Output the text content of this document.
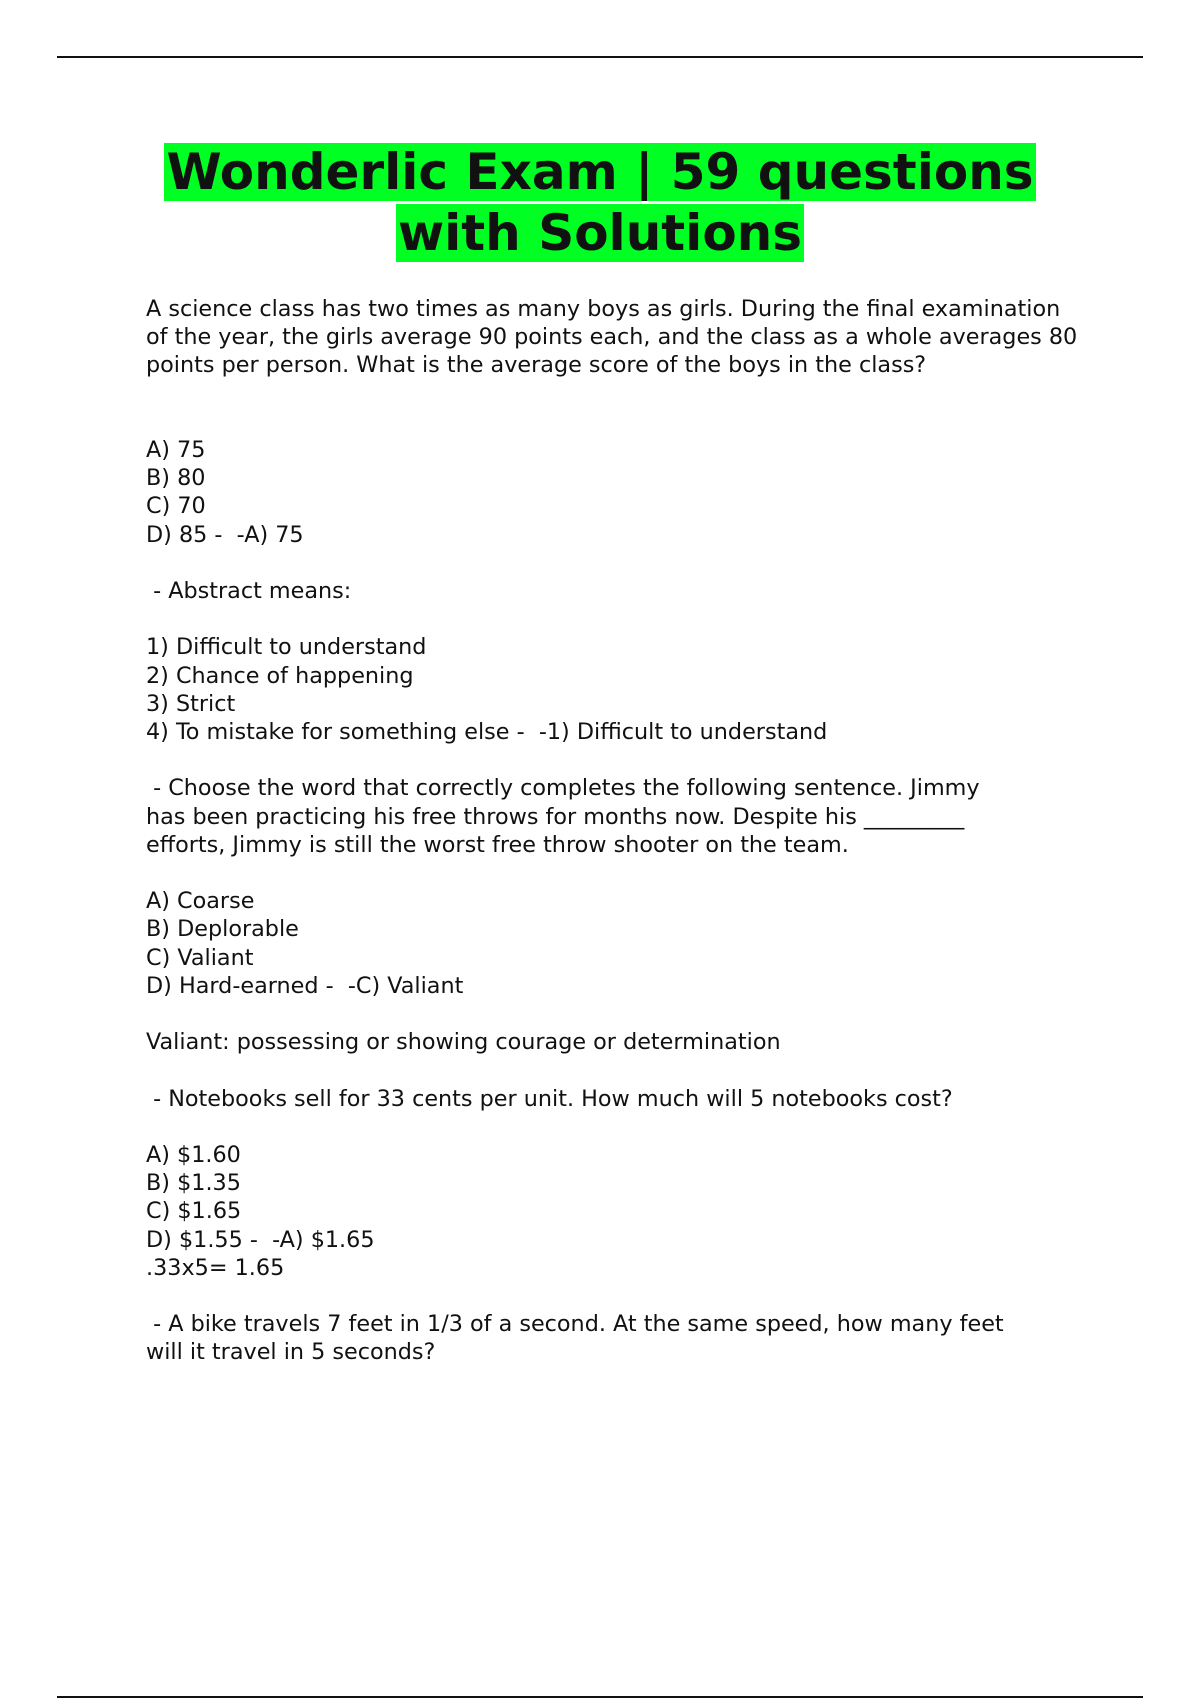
Wonderlic Exam | 59 questions
with Solutions

A science class has two times as many boys as girls. During the final examination of the year, the girls average 90 points each, and the class as a whole averages 80 points per person. What is the average score of the boys in the class?

A) 75

B) 80

C) 70

D) 85 -  -A) 75

- Abstract means:

1) Difficult to understand

2) Chance of happening

3) Strict

4) To mistake for something else -  -1) Difficult to understand

- Choose the word that correctly completes the following sentence. Jimmy

has been practicing his free throws for months now. Despite his _________

efforts, Jimmy is still the worst free throw shooter on the team.

A) Coarse

B) Deplorable

C) Valiant

D) Hard-earned -  -C) Valiant

Valiant: possessing or showing courage or determination

- Notebooks sell for 33 cents per unit. How much will 5 notebooks cost?

A) $1.60

B) $1.35

C) $1.65

D) $1.55 -  -A) $1.65

.33x5= 1.65

- A bike travels 7 feet in 1/3 of a second. At the same speed, how many feet

will it travel in 5 seconds?
